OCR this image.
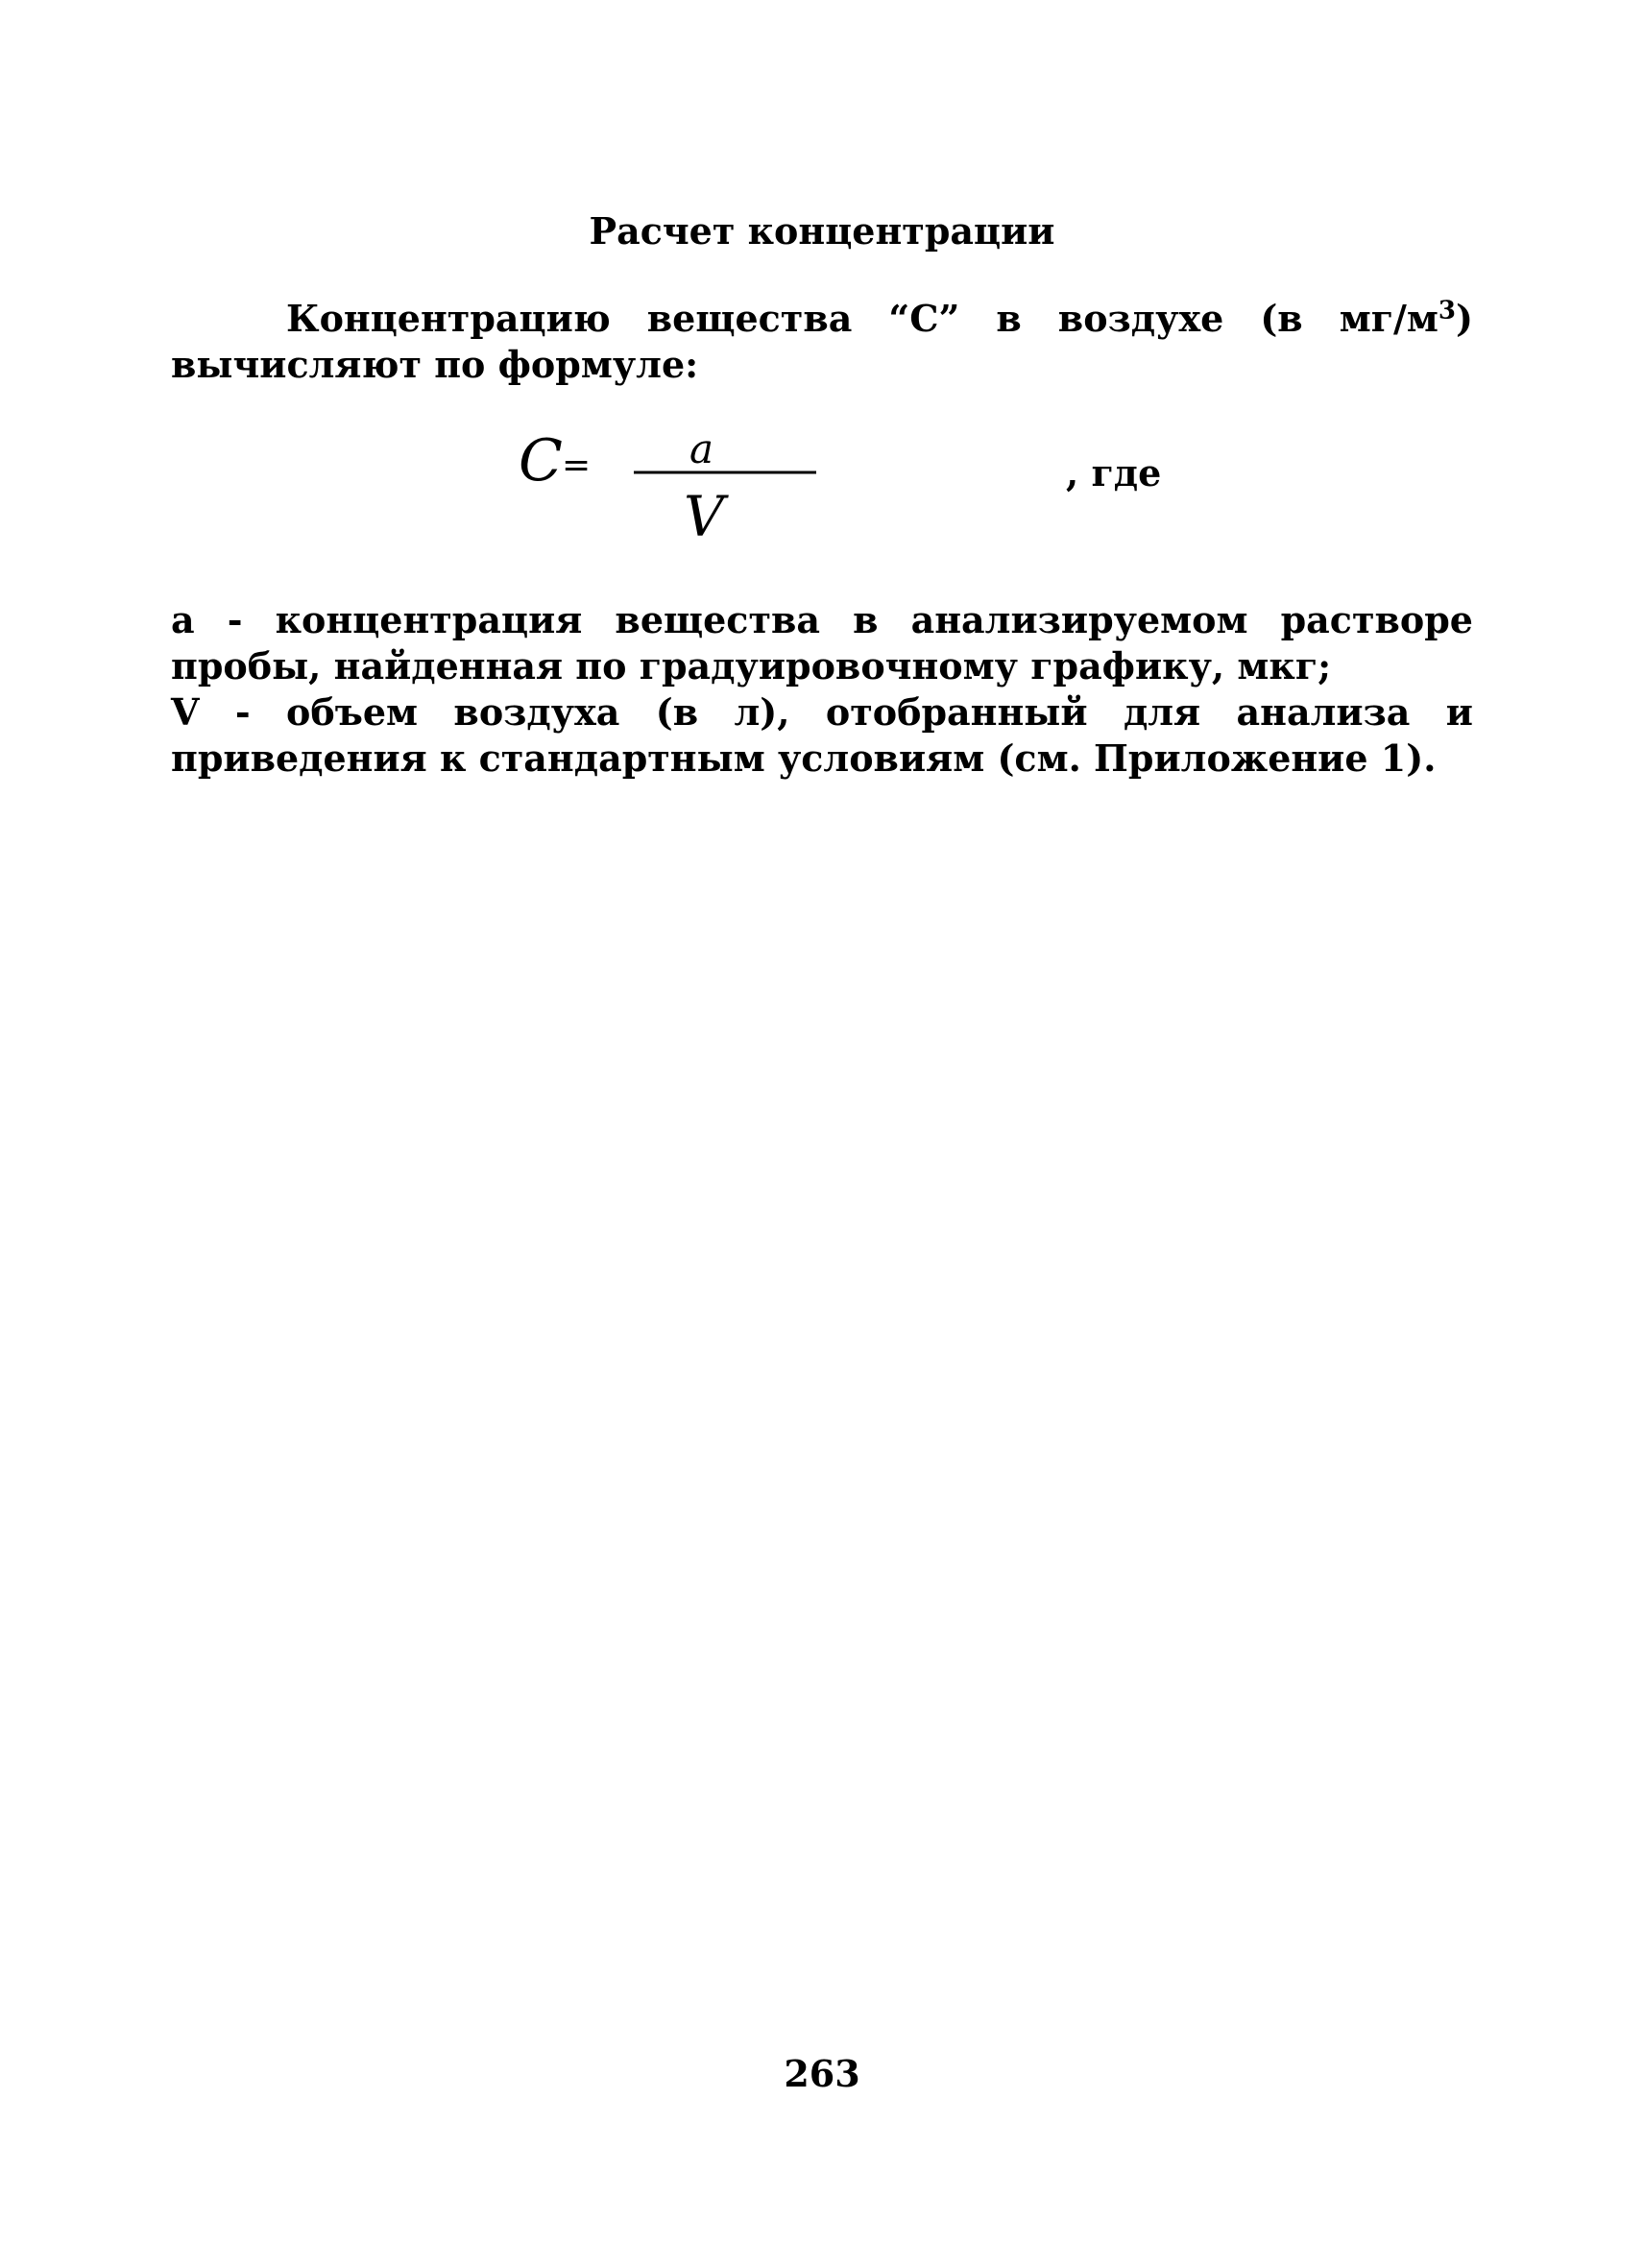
Расчет концентрации
Концентрацию вещества “С” в воздухе (в $мг/м^3$) вычисляют по формуле:
C = a
V
, где
а - концентрация вещества в анализируемом растворе пробы, найденная по градуировочному графику, мкг;
V - объем воздуха (в л), отобранный для анализа и приведения к стандартным условиям (см. Приложение 1).
263
